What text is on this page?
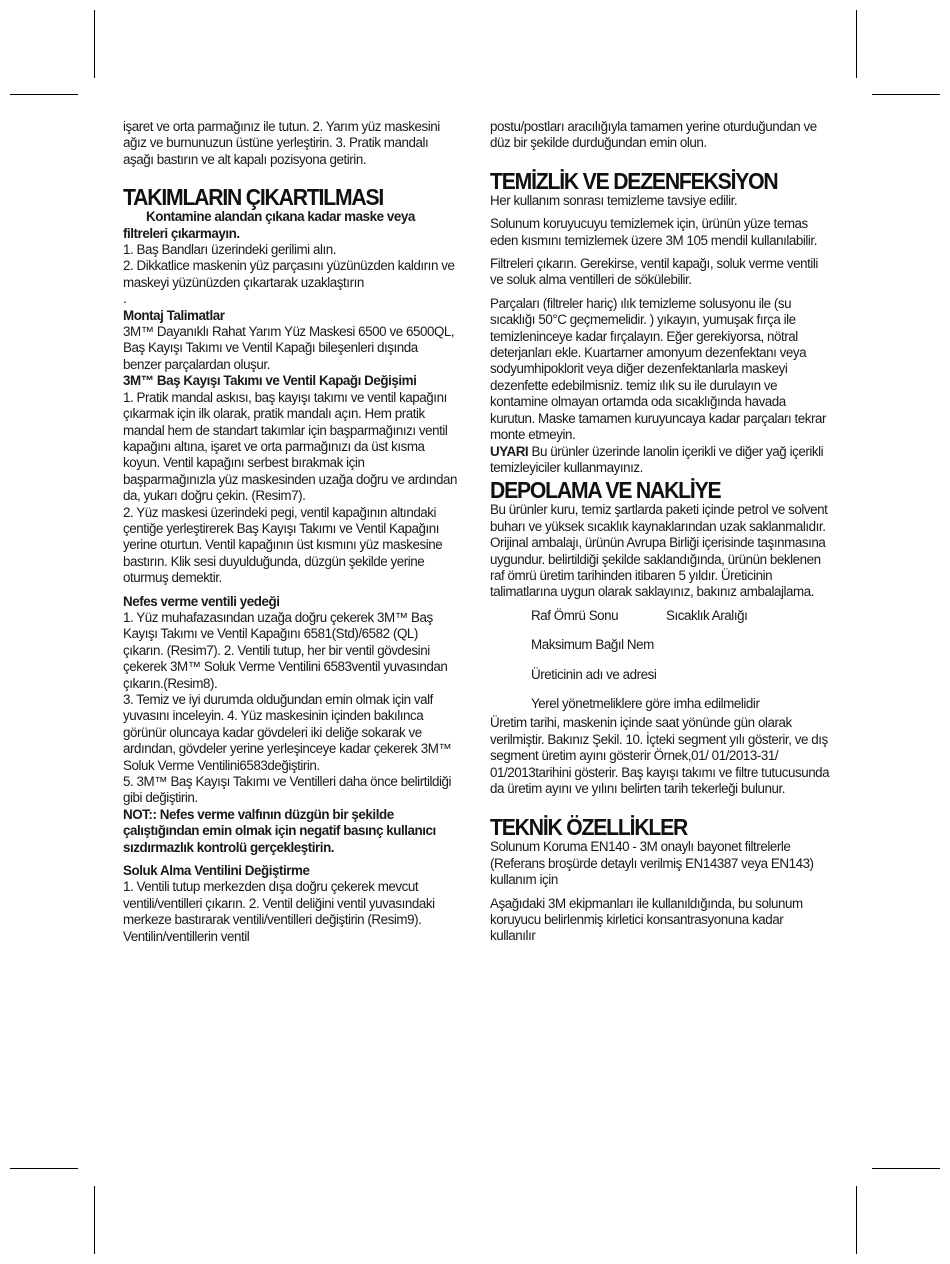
işaret ve orta parmağınız ile tutun. 2. Yarım yüz maskesini ağız ve burnunuzun üstüne yerleştirin. 3. Pratik mandalı aşağı bastırın ve alt kapalı pozisyona getirin.

TAKIMLARIN ÇIKARTILMASI

Kontamine alandan çıkana kadar maske veya filtreleri çıkarmayın.

1. Baş Bandları üzerindeki gerilimi alın.

2. Dikkatlice maskenin yüz parçasını yüzünüzden kaldırın ve maskeyi yüzünüzden çıkartarak uzaklaştırın

.

Montaj Talimatlar

3M™ Dayanıklı Rahat Yarım Yüz Maskesi 6500 ve 6500QL, Baş Kayışı Takımı ve Ventil Kapağı bileşenleri dışında benzer parçalardan oluşur.

3M™ Baş Kayışı Takımı ve Ventil Kapağı Değişimi

1. Pratik mandal askısı, baş kayışı takımı ve ventil kapağını çıkarmak için ilk olarak, pratik mandalı açın. Hem pratik mandal hem de standart takımlar için başparmağınızı ventil kapağını altına, işaret ve orta parmağınızı da üst kısma koyun. Ventil kapağını serbest bırakmak için başparmağınızla yüz maskesinden uzağa doğru ve ardından da, yukarı doğru çekin. (Resim7).

2. Yüz maskesi üzerindeki pegi, ventil kapağının altındaki çentiğe yerleştirerek Baş Kayışı Takımı ve Ventil Kapağını yerine oturtun. Ventil kapağının üst kısmını yüz maskesine bastırın. Klik sesi duyulduğunda, düzgün şekilde yerine oturmuş demektir.

Nefes verme ventili yedeği

1. Yüz muhafazasından uzağa doğru çekerek 3M™ Baş Kayışı Takımı ve Ventil Kapağını 6581(Std)/6582 (QL) çıkarın. (Resim7). 2. Ventili tutup, her bir ventil gövdesini çekerek 3M™ Soluk Verme Ventilini 6583ventil yuvasından çıkarın.(Resim8).

3. Temiz ve iyi durumda olduğundan emin olmak için valf yuvasını inceleyin. 4. Yüz maskesinin içinden bakılınca görünür oluncaya kadar gövdeleri iki deliğe sokarak ve ardından, gövdeler yerine yerleşinceye kadar çekerek 3M™ Soluk Verme Ventilini6583değiştirin.

5. 3M™ Baş Kayışı Takımı ve Ventilleri daha önce belirtildiği gibi değiştirin.

NOT:: Nefes verme valfının düzgün bir şekilde çalıştığından emin olmak için negatif basınç kullanıcı sızdırmazlık kontrolü gerçekleştirin.

Soluk Alma Ventilini Değiştirme

1. Ventili tutup merkezden dışa doğru çekerek mevcut ventili/ventilleri çıkarın. 2. Ventil deliğini ventil yuvasındaki merkeze bastırarak ventili/ventilleri değiştirin (Resim9). Ventilin/ventillerin ventil

postu/postları aracılığıyla tamamen yerine oturduğundan ve düz bir şekilde durduğundan emin olun.

TEMİZLİK VE DEZENFEKSİYON

Her kullanım sonrası temizleme tavsiye edilir.

Solunum koruyucuyu temizlemek için, ürünün yüze temas eden kısmını temizlemek üzere 3M 105 mendil kullanılabilir.

Filtreleri çıkarın. Gerekirse, ventil kapağı, soluk verme ventili ve soluk alma ventilleri de sökülebilir.

Parçaları (filtreler hariç) ılık temizleme solusyonu ile (su sıcaklığı 50°C geçmemelidir. ) yıkayın, yumuşak fırça ile temizleninceye kadar fırçalayın. Eğer gerekiyorsa, nötral deterjanları ekle. Kuartarner amonyum dezenfektanı veya sodyumhipoklorit veya diğer dezenfektanlarla maskeyi dezenfette edebilmisniz. temiz ılık su ile durulayın ve kontamine olmayan ortamda oda sıcaklığında havada kurutun. Maske tamamen kuruyuncaya kadar parçaları tekrar monte etmeyin.

UYARI Bu ürünler üzerinde lanolin içerikli ve diğer yağ içerikli temizleyiciler kullanmayınız.

DEPOLAMA VE NAKLİYE

Bu ürünler kuru, temiz şartlarda paketi içinde petrol ve solvent buharı ve yüksek sıcaklık kaynaklarından uzak saklanmalıdır. Orijinal ambalajı, ürünün Avrupa Birliği içerisinde taşınmasına uygundur. belirtildiği şekilde saklandığında, ürünün beklenen raf ömrü üretim tarihinden itibaren 5 yıldır. Üreticinin talimatlarına uygun olarak saklayınız, bakınız ambalajlama.

Raf Ömrü Sonu	Sıcaklık Aralığı

Maksimum Bağıl Nem

Üreticinin adı ve adresi

Yerel yönetmeliklere göre imha edilmelidir

Üretim tarihi, maskenin içinde saat yönünde gün olarak verilmiştir. Bakınız Şekil. 10. İçteki segment yılı gösterir, ve dış segment üretim ayını gösterir Örnek,01/ 01/2013-31/ 01/2013tarihini gösterir. Baş kayışı takımı ve filtre tutucusunda da üretim ayını ve yılını belirten tarih tekerleği bulunur.

TEKNİK ÖZELLİKLER

Solunum Koruma EN140 - 3M onaylı bayonet filtrelerle (Referans broşürde detaylı verilmiş EN14387 veya EN143) kullanım için

Aşağıdaki 3M ekipmanları ile kullanıldığında, bu solunum koruyucu belirlenmiş kirletici konsantrasyonuna kadar kullanılır
